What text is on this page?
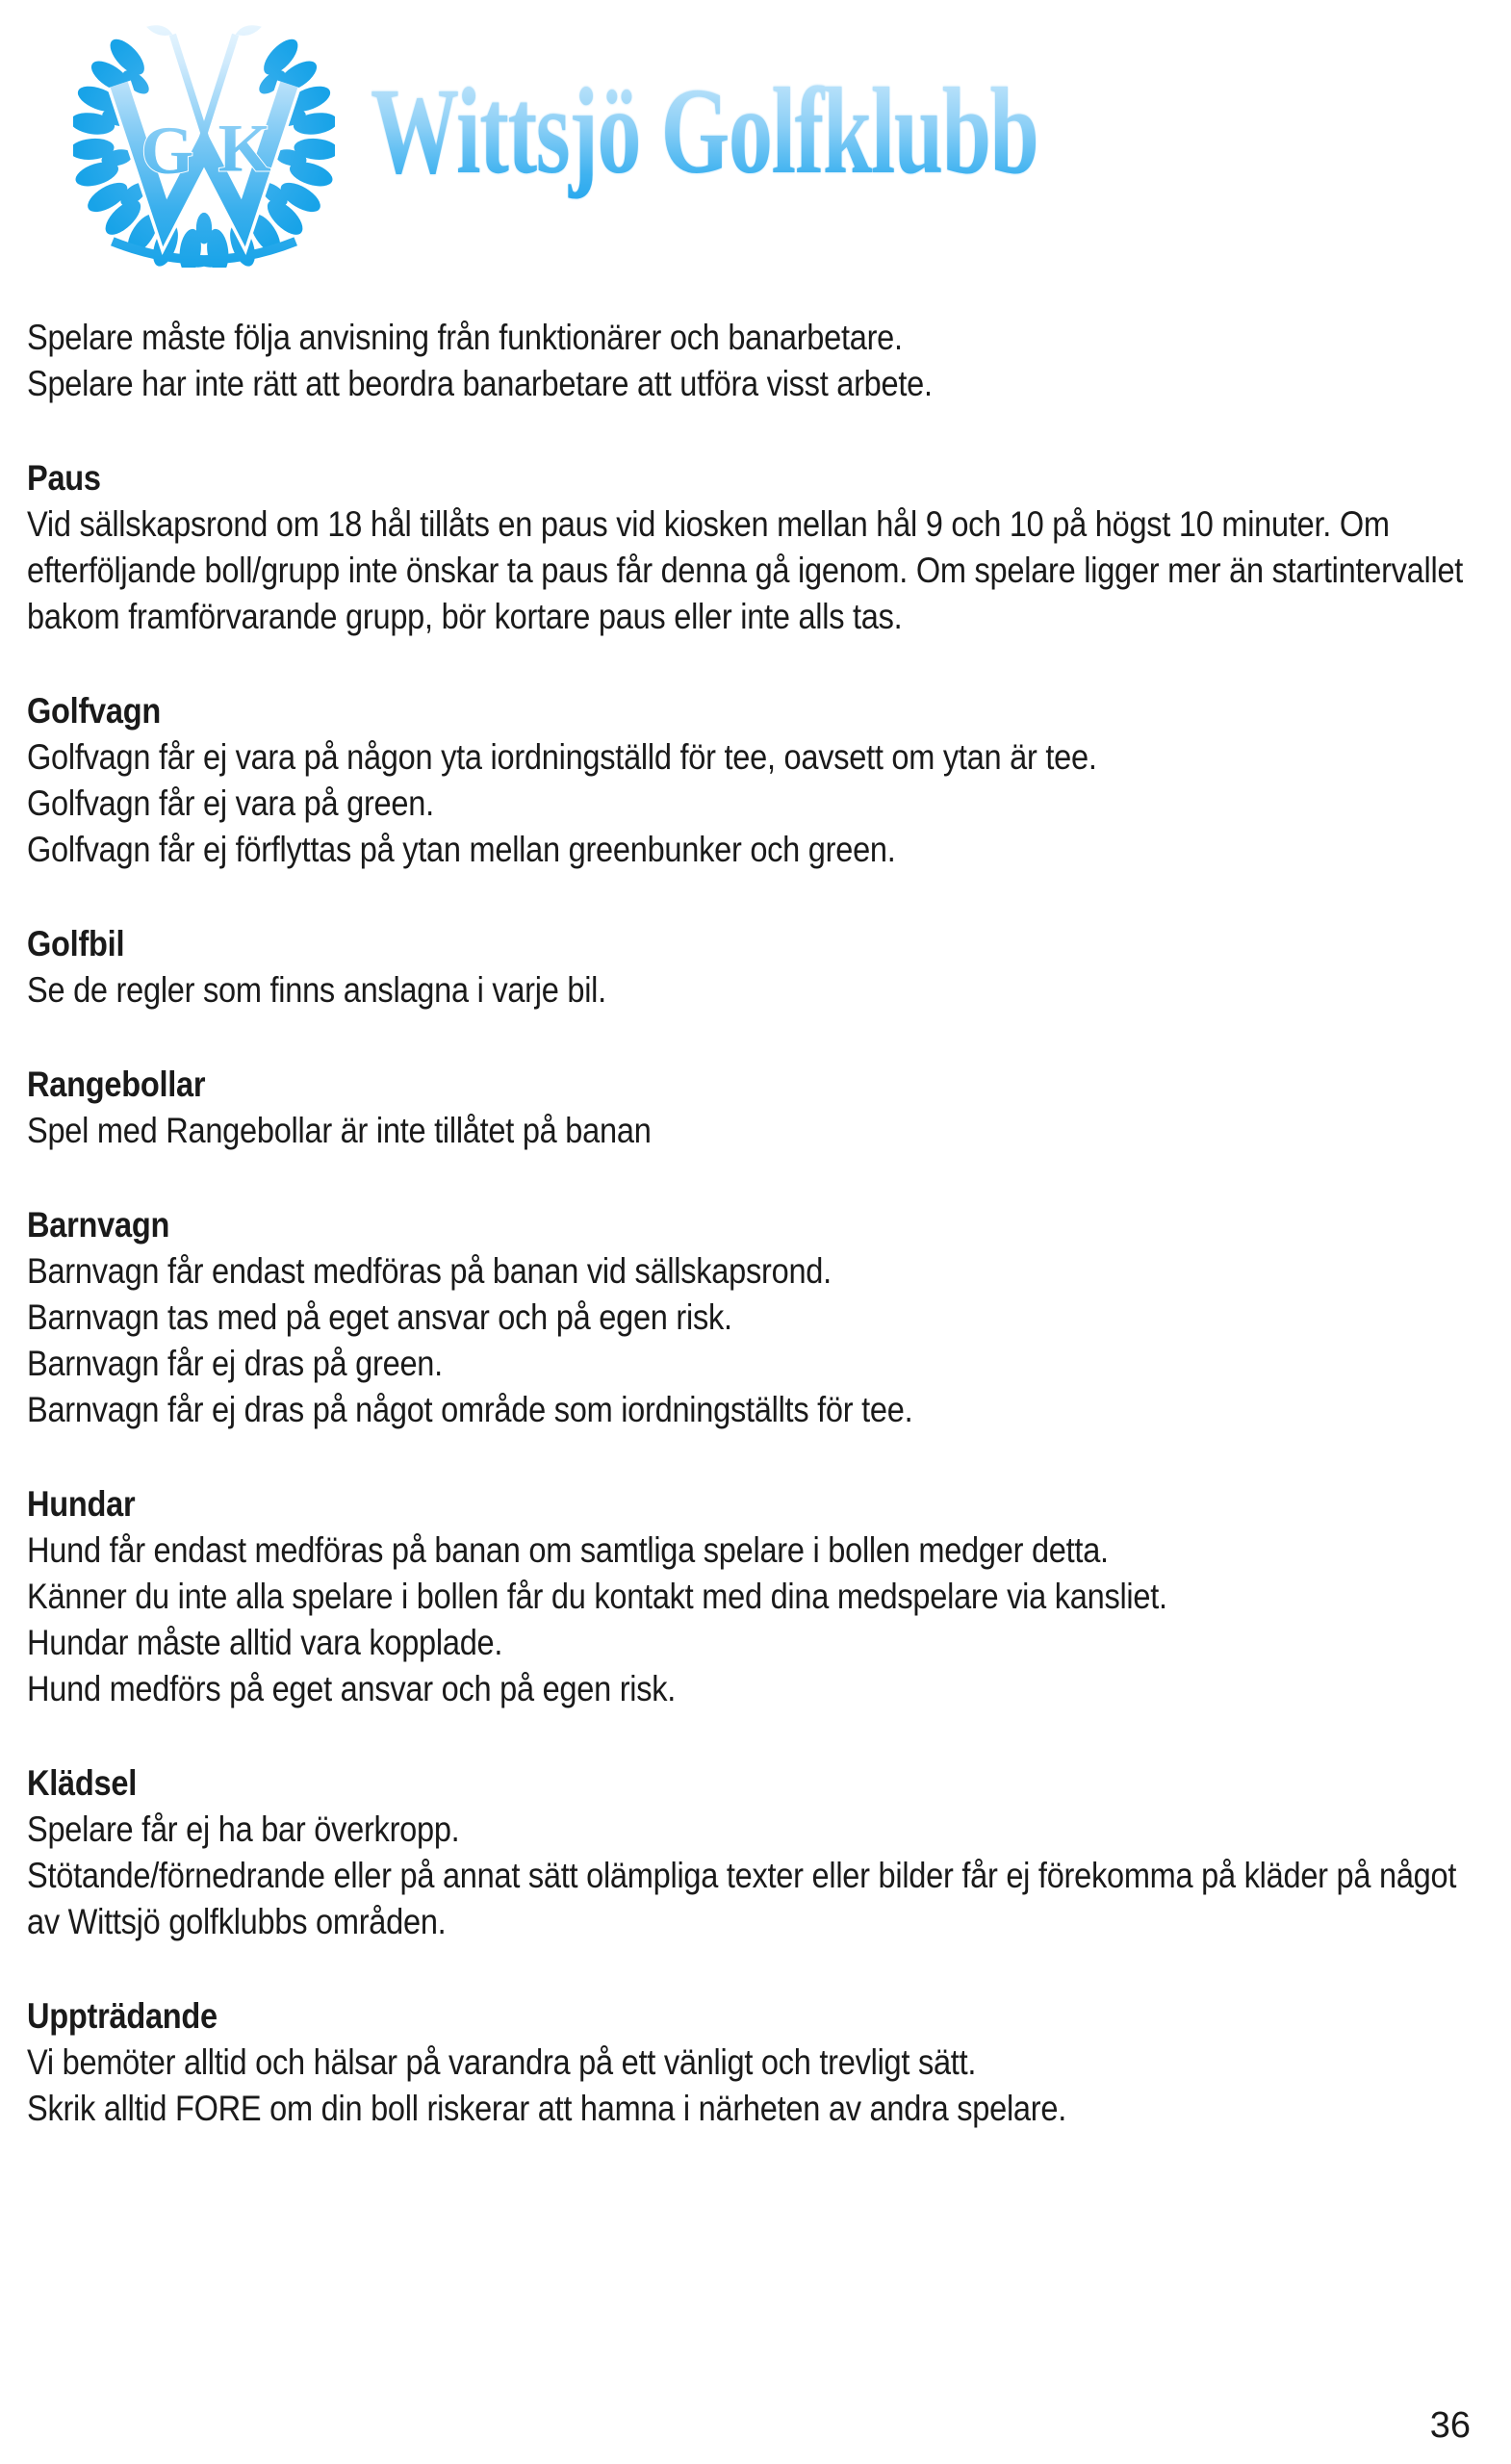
G K Wittsjö Golfklubb

Spelare måste följa anvisning från funktionärer och banarbetare.

Spelare har inte rätt att beordra banarbetare att utföra visst arbete.

Paus

Vid sällskapsrond om 18 hål tillåts en paus vid kiosken mellan hål 9 och 10 på högst 10 minuter. Om efterföljande boll/grupp inte önskar ta paus får denna gå igenom. Om spelare ligger mer än startintervallet bakom framförvarande grupp, bör kortare paus eller inte alls tas.

Golfvagn

Golfvagn får ej vara på någon yta iordningställd för tee, oavsett om ytan är tee.

Golfvagn får ej vara på green.

Golfvagn får ej förflyttas på ytan mellan greenbunker och green.

Golfbil

Se de regler som finns anslagna i varje bil.

Rangebollar

Spel med Rangebollar är inte tillåtet på banan

Barnvagn

Barnvagn får endast medföras på banan vid sällskapsrond.

Barnvagn tas med på eget ansvar och på egen risk.

Barnvagn får ej dras på green.

Barnvagn får ej dras på något område som iordningställts för tee.

Hundar

Hund får endast medföras på banan om samtliga spelare i bollen medger detta.

Känner du inte alla spelare i bollen får du kontakt med dina medspelare via kansliet.

Hundar måste alltid vara kopplade.

Hund medförs på eget ansvar och på egen risk.

Klädsel

Spelare får ej ha bar överkropp.

Stötande/förnedrande eller på annat sätt olämpliga texter eller bilder får ej förekomma på kläder på något av Wittsjö golfklubbs områden.

Uppträdande

Vi bemöter alltid och hälsar på varandra på ett vänligt och trevligt sätt.

Skrik alltid FORE om din boll riskerar att hamna i närheten av andra spelare.

36
